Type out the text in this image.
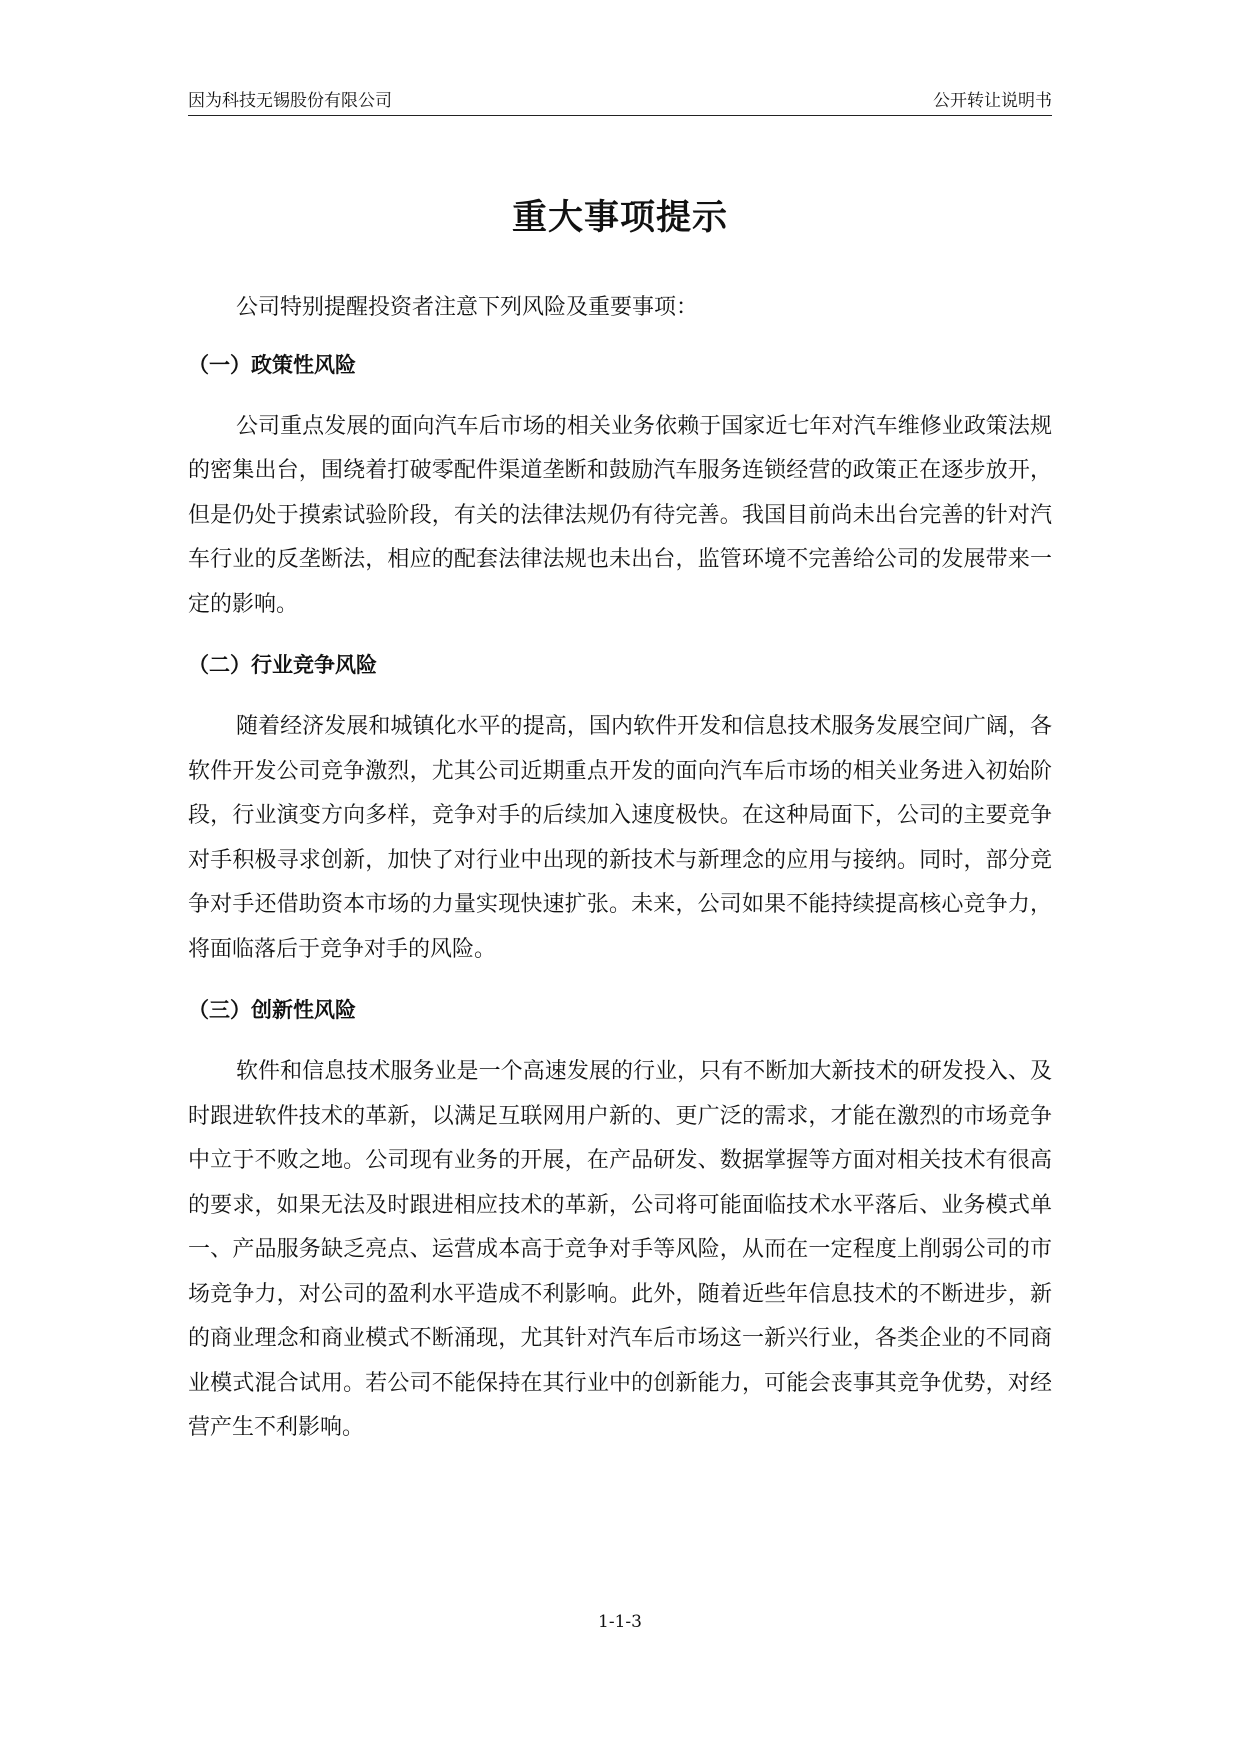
因为科技无锡股份有限公司	公开转让说明书
重大事项提示

公司特别提醒投资者注意下列风险及重要事项：

（一）政策性风险

公司重点发展的面向汽车后市场的相关业务依赖于国家近七年对汽车维修业政策法规的密集出台，围绕着打破零配件渠道垄断和鼓励汽车服务连锁经营的政策正在逐步放开，但是仍处于摸索试验阶段，有关的法律法规仍有待完善。我国目前尚未出台完善的针对汽车行业的反垄断法，相应的配套法律法规也未出台，监管环境不完善给公司的发展带来一定的影响。

（二）行业竞争风险

随着经济发展和城镇化水平的提高，国内软件开发和信息技术服务发展空间广阔，各软件开发公司竞争激烈，尤其公司近期重点开发的面向汽车后市场的相关业务进入初始阶段，行业演变方向多样，竞争对手的后续加入速度极快。在这种局面下，公司的主要竞争对手积极寻求创新，加快了对行业中出现的新技术与新理念的应用与接纳。同时，部分竞争对手还借助资本市场的力量实现快速扩张。未来，公司如果不能持续提高核心竞争力，将面临落后于竞争对手的风险。

（三）创新性风险

软件和信息技术服务业是一个高速发展的行业，只有不断加大新技术的研发投入、及时跟进软件技术的革新，以满足互联网用户新的、更广泛的需求，才能在激烈的市场竞争中立于不败之地。公司现有业务的开展，在产品研发、数据掌握等方面对相关技术有很高的要求，如果无法及时跟进相应技术的革新，公司将可能面临技术水平落后、业务模式单一、产品服务缺乏亮点、运营成本高于竞争对手等风险，从而在一定程度上削弱公司的市场竞争力，对公司的盈利水平造成不利影响。此外，随着近些年信息技术的不断进步，新的商业理念和商业模式不断涌现，尤其针对汽车后市场这一新兴行业，各类企业的不同商业模式混合试用。若公司不能保持在其行业中的创新能力，可能会丧事其竞争优势，对经营产生不利影响。

1-1-3
